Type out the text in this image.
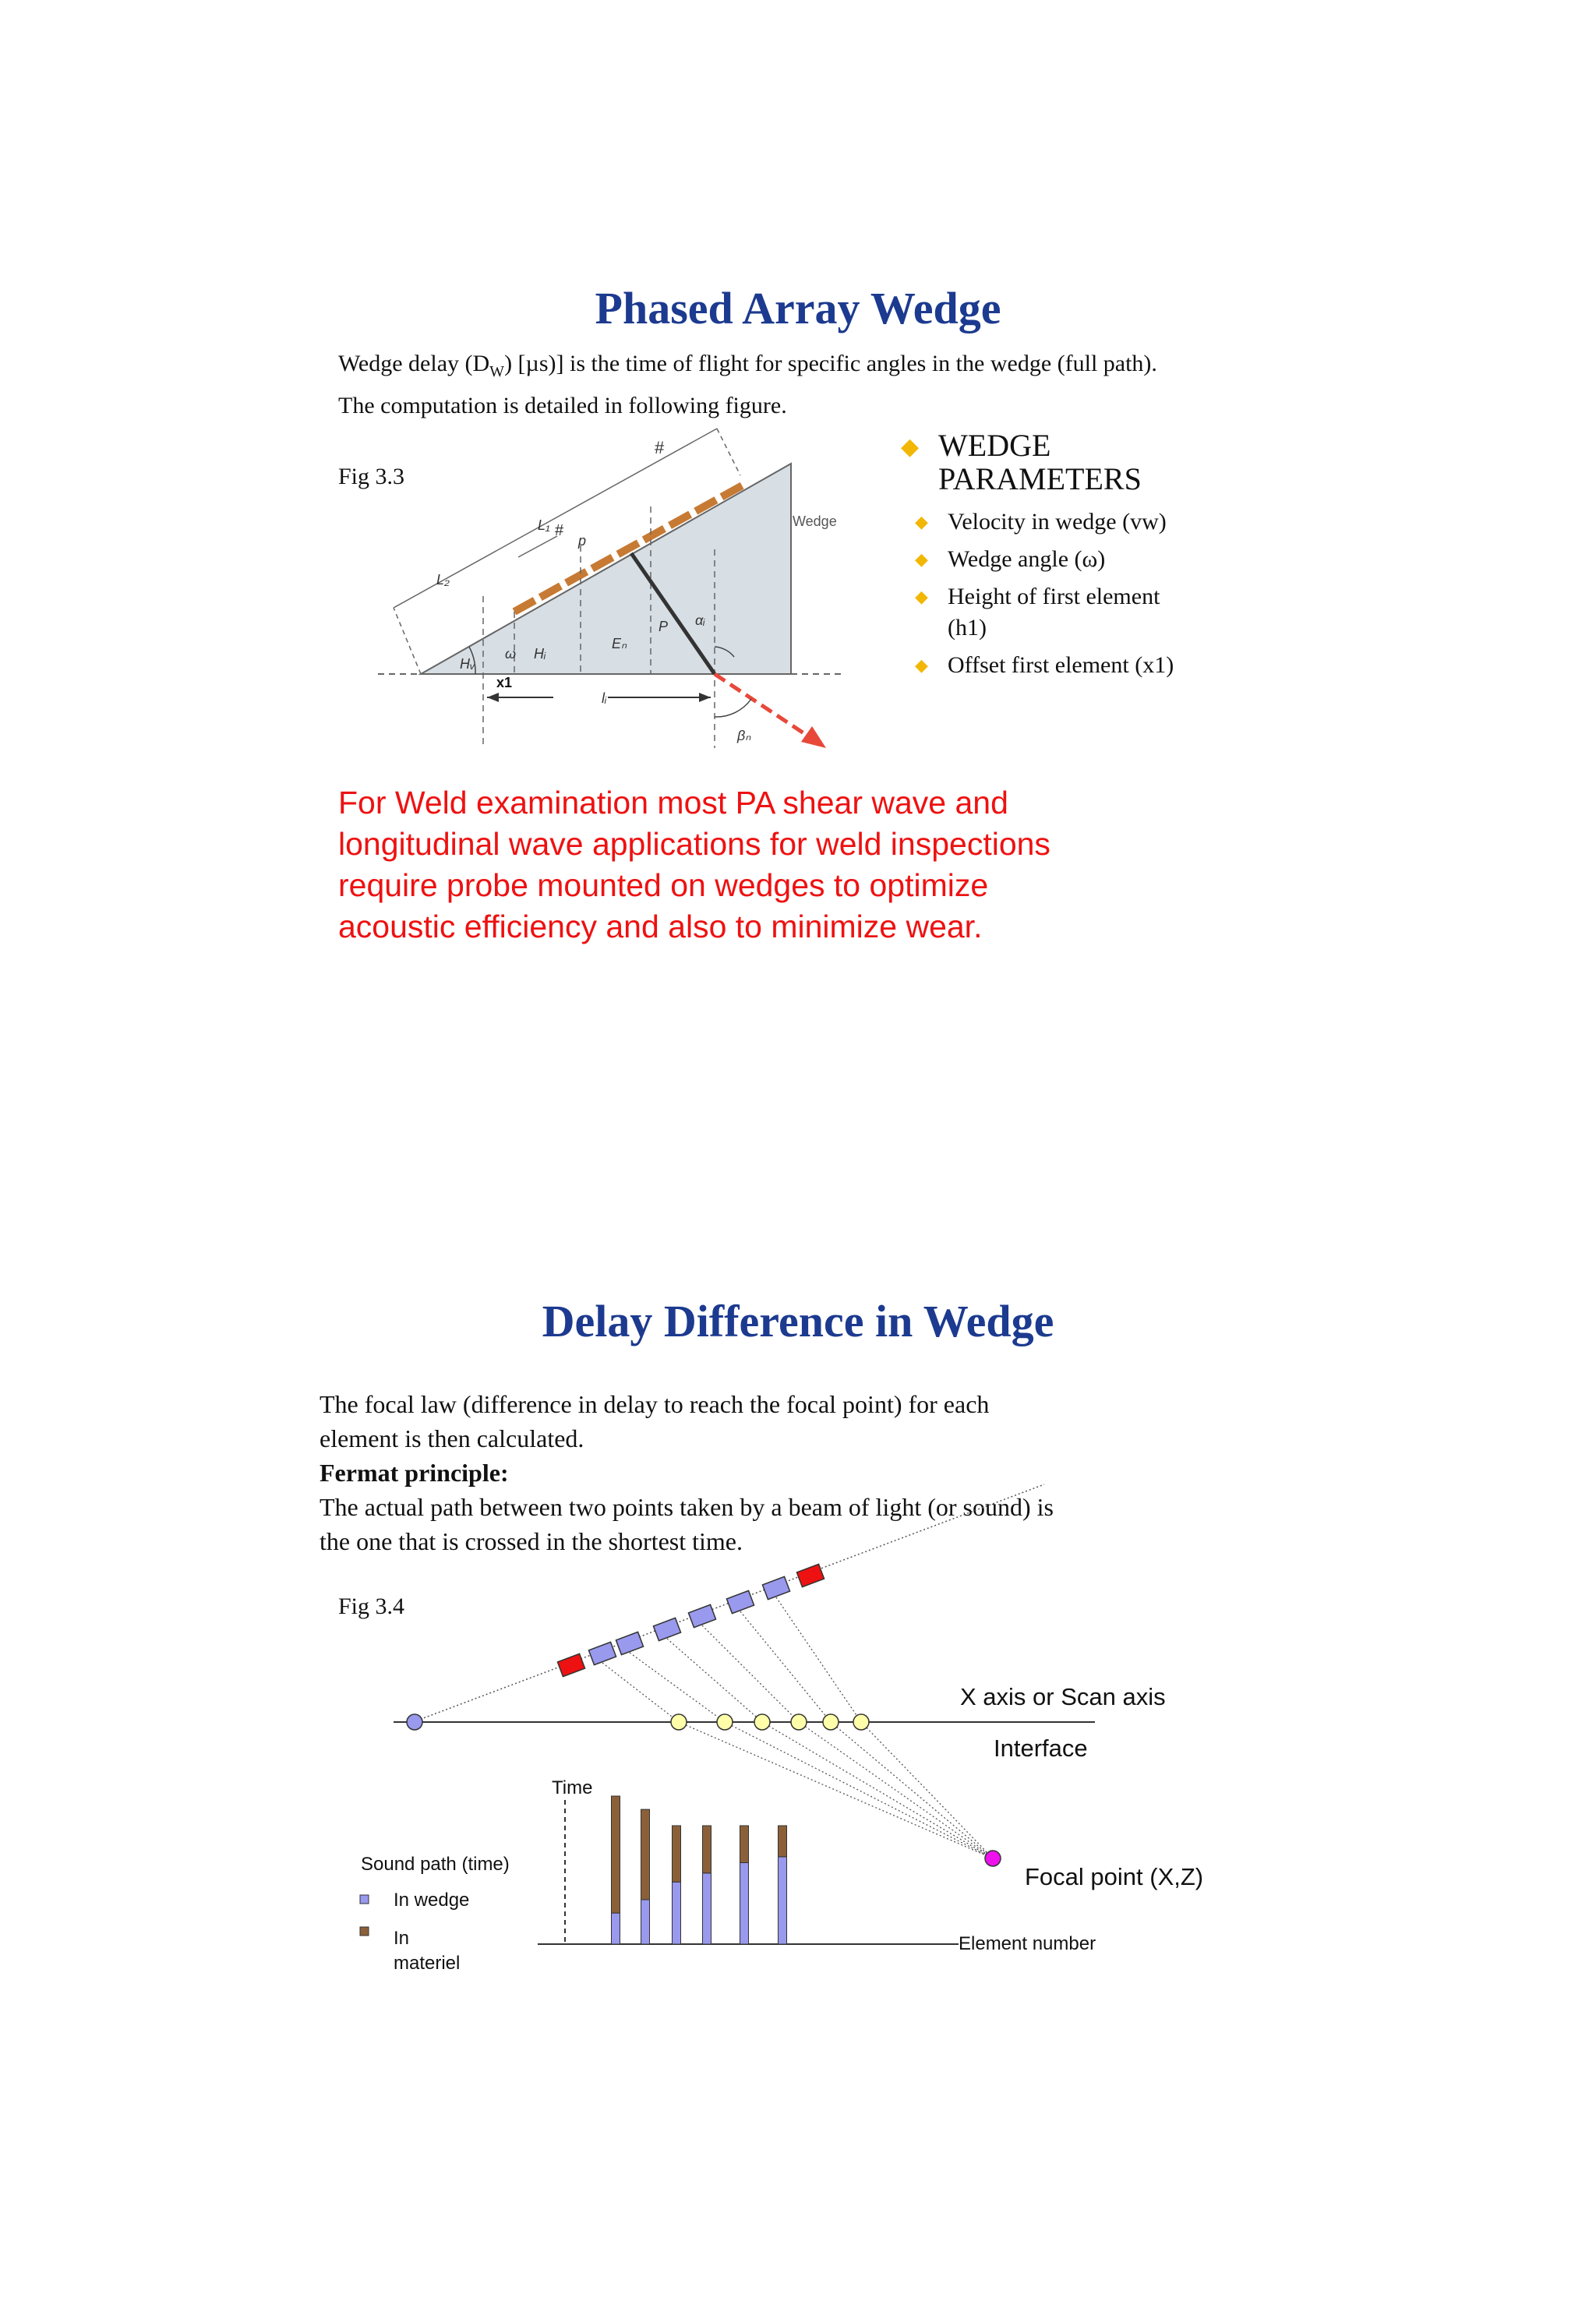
Phased Array Wedge
Wedge delay $(D_W)$ [µs)] is the time of flight for specific angles in the wedge (full path).
The computation is detailed in following figure.
Fig 3.3
Wedge
L₁
L₂
p
P αᵢ
ω
Hᵥ
Hᵢ
Eₙ
x1
lᵢ
βₙ
#
#
◆ WEDGE
PARAMETERS
◆ Velocity in wedge (vw)
◆ Wedge angle (ω)
◆ Height of first element
(h1)
◆ Offset first element (x1)
For Weld examination most PA shear wave and
longitudinal wave applications for weld inspections
require probe mounted on wedges to optimize
acoustic efficiency and also to minimize wear.
Delay Difference in Wedge
The focal law (difference in delay to reach the focal point) for each
element is then calculated.
Fermat principle:
The actual path between two points taken by a beam of light (or sound) is
the one that is crossed in the shortest time.
Fig 3.4
X axis or Scan axis
Interface
Time
Focal point (X,Z)
Element number
Sound path (time)
In wedge
In
materiel
